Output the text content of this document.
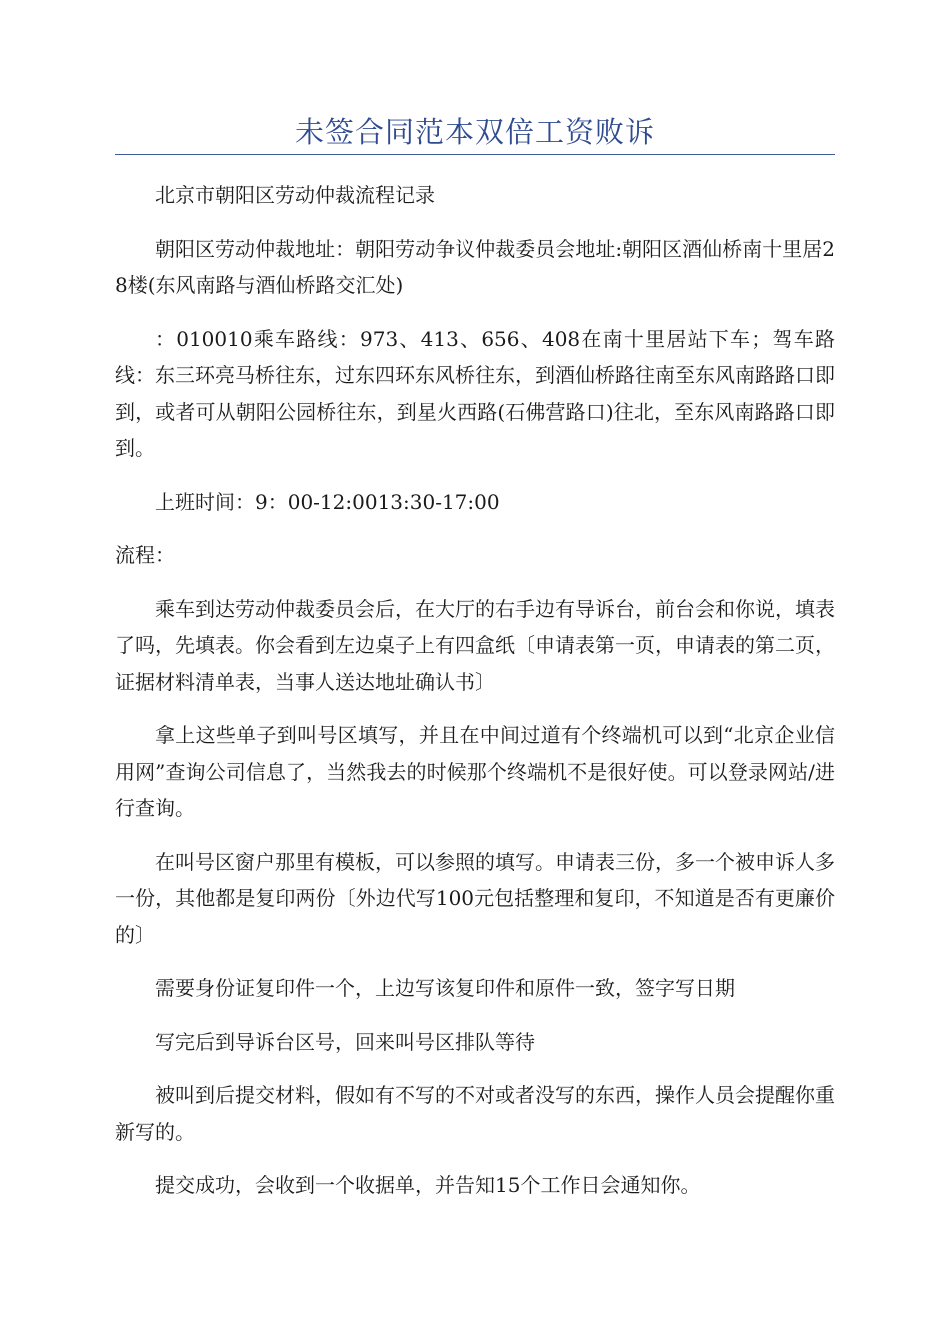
未签合同范本双倍工资败诉

北京市朝阳区劳动仲裁流程记录

朝阳区劳动仲裁地址：朝阳劳动争议仲裁委员会地址:朝阳区酒仙桥南十里居28楼(东风南路与酒仙桥路交汇处)

：010010乘车路线：973、413、656、408在南十里居站下车；驾车路线：东三环亮马桥往东，过东四环东风桥往东，到酒仙桥路往南至东风南路路口即到，或者可从朝阳公园桥往东，到星火西路(石佛营路口)往北，至东风南路路口即到。

上班时间：9：00-12:0013:30-17:00

流程：

乘车到达劳动仲裁委员会后，在大厅的右手边有导诉台，前台会和你说，填表了吗，先填表。你会看到左边桌子上有四盒纸〔申请表第一页，申请表的第二页，证据材料清单表，当事人送达地址确认书〕

拿上这些单子到叫号区填写，并且在中间过道有个终端机可以到“北京企业信用网”查询公司信息了，当然我去的时候那个终端机不是很好使。可以登录网站/进行查询。

在叫号区窗户那里有模板，可以参照的填写。申请表三份，多一个被申诉人多一份，其他都是复印两份〔外边代写100元包括整理和复印，不知道是否有更廉价的〕

需要身份证复印件一个，上边写该复印件和原件一致，签字写日期

写完后到导诉台区号，回来叫号区排队等待

被叫到后提交材料，假如有不写的不对或者没写的东西，操作人员会提醒你重新写的。

提交成功，会收到一个收据单，并告知15个工作日会通知你。
